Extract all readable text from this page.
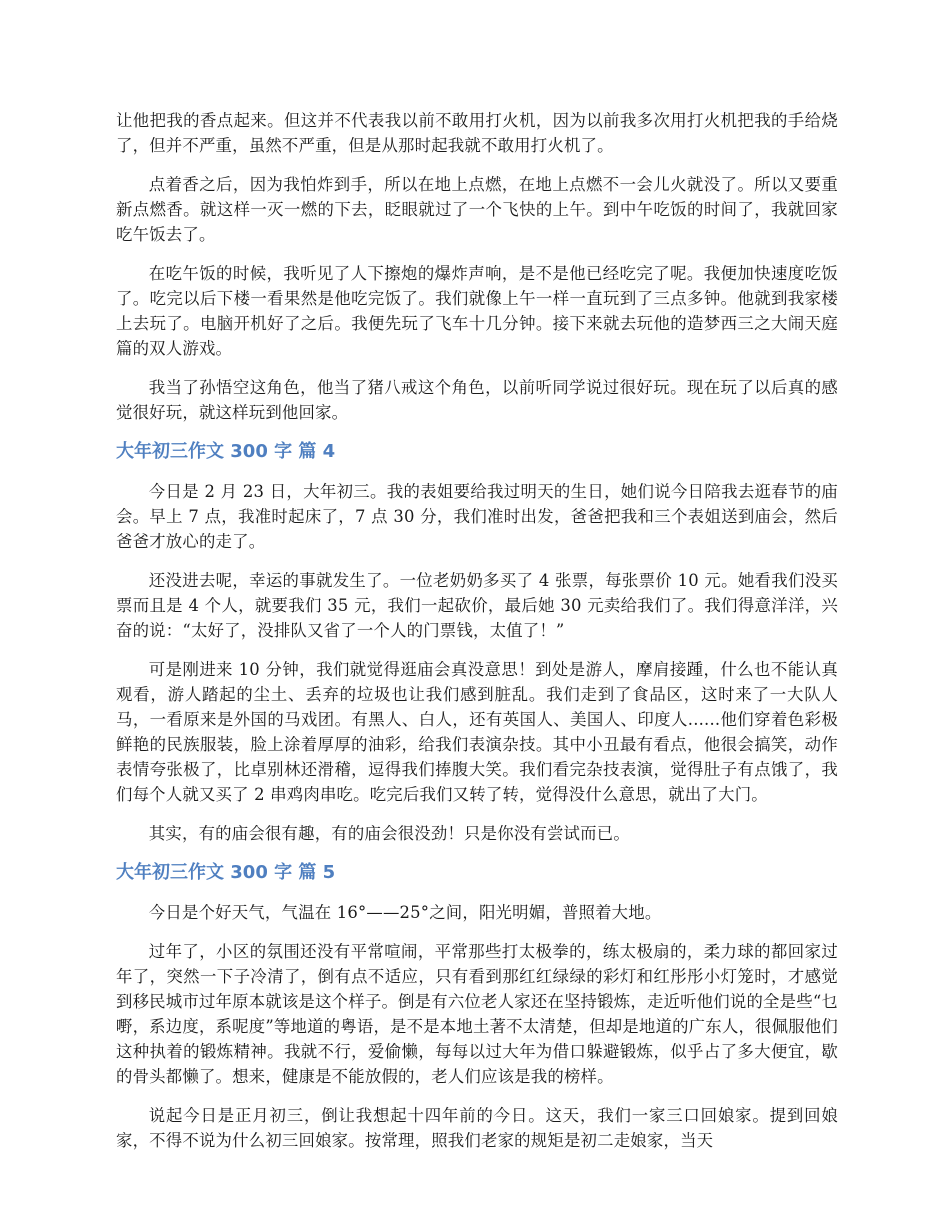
让他把我的香点起来。但这并不代表我以前不敢用打火机，因为以前我多次用打火机把我的手给烧了，但并不严重，虽然不严重，但是从那时起我就不敢用打火机了。

点着香之后，因为我怕炸到手，所以在地上点燃，在地上点燃不一会儿火就没了。所以又要重新点燃香。就这样一灭一燃的下去，眨眼就过了一个飞快的上午。到中午吃饭的时间了，我就回家吃午饭去了。

在吃午饭的时候，我听见了人下擦炮的爆炸声响，是不是他已经吃完了呢。我便加快速度吃饭了。吃完以后下楼一看果然是他吃完饭了。我们就像上午一样一直玩到了三点多钟。他就到我家楼上去玩了。电脑开机好了之后。我便先玩了飞车十几分钟。接下来就去玩他的造梦西三之大闹天庭篇的双人游戏。

我当了孙悟空这角色，他当了猪八戒这个角色，以前听同学说过很好玩。现在玩了以后真的感觉很好玩，就这样玩到他回家。

大年初三作文 300 字 篇 4

今日是 2 月 23 日，大年初三。我的表姐要给我过明天的生日，她们说今日陪我去逛春节的庙会。早上 7 点，我准时起床了，7 点 30 分，我们准时出发，爸爸把我和三个表姐送到庙会，然后爸爸才放心的走了。

还没进去呢，幸运的事就发生了。一位老奶奶多买了 4 张票，每张票价 10 元。她看我们没买票而且是 4 个人，就要我们 35 元，我们一起砍价，最后她 30 元卖给我们了。我们得意洋洋，兴奋的说：“太好了，没排队又省了一个人的门票钱，太值了！”

可是刚进来 10 分钟，我们就觉得逛庙会真没意思！到处是游人，摩肩接踵，什么也不能认真观看，游人踏起的尘土、丢弃的垃圾也让我们感到脏乱。我们走到了食品区，这时来了一大队人马，一看原来是外国的马戏团。有黑人、白人，还有英国人、美国人、印度人......他们穿着色彩极鲜艳的民族服装，脸上涂着厚厚的油彩，给我们表演杂技。其中小丑最有看点，他很会搞笑，动作表情夸张极了，比卓别林还滑稽，逗得我们捧腹大笑。我们看完杂技表演，觉得肚子有点饿了，我们每个人就又买了 2 串鸡肉串吃。吃完后我们又转了转，觉得没什么意思，就出了大门。

其实，有的庙会很有趣，有的庙会很没劲！只是你没有尝试而已。

大年初三作文 300 字 篇 5

今日是个好天气，气温在 16°——25°之间，阳光明媚，普照着大地。

过年了，小区的氛围还没有平常喧闹，平常那些打太极拳的，练太极扇的，柔力球的都回家过年了，突然一下子冷清了，倒有点不适应，只有看到那红红绿绿的彩灯和红彤彤小灯笼时，才感觉到移民城市过年原本就该是这个样子。倒是有六位老人家还在坚持锻炼，走近听他们说的全是些“乜嘢，系边度，系呢度”等地道的粤语，是不是本地土著不太清楚，但却是地道的广东人，很佩服他们这种执着的锻炼精神。我就不行，爱偷懒，每每以过大年为借口躲避锻炼，似乎占了多大便宜，歇的骨头都懒了。想来，健康是不能放假的，老人们应该是我的榜样。

说起今日是正月初三，倒让我想起十四年前的今日。这天，我们一家三口回娘家。提到回娘家，不得不说为什么初三回娘家。按常理，照我们老家的规矩是初二走娘家，当天
